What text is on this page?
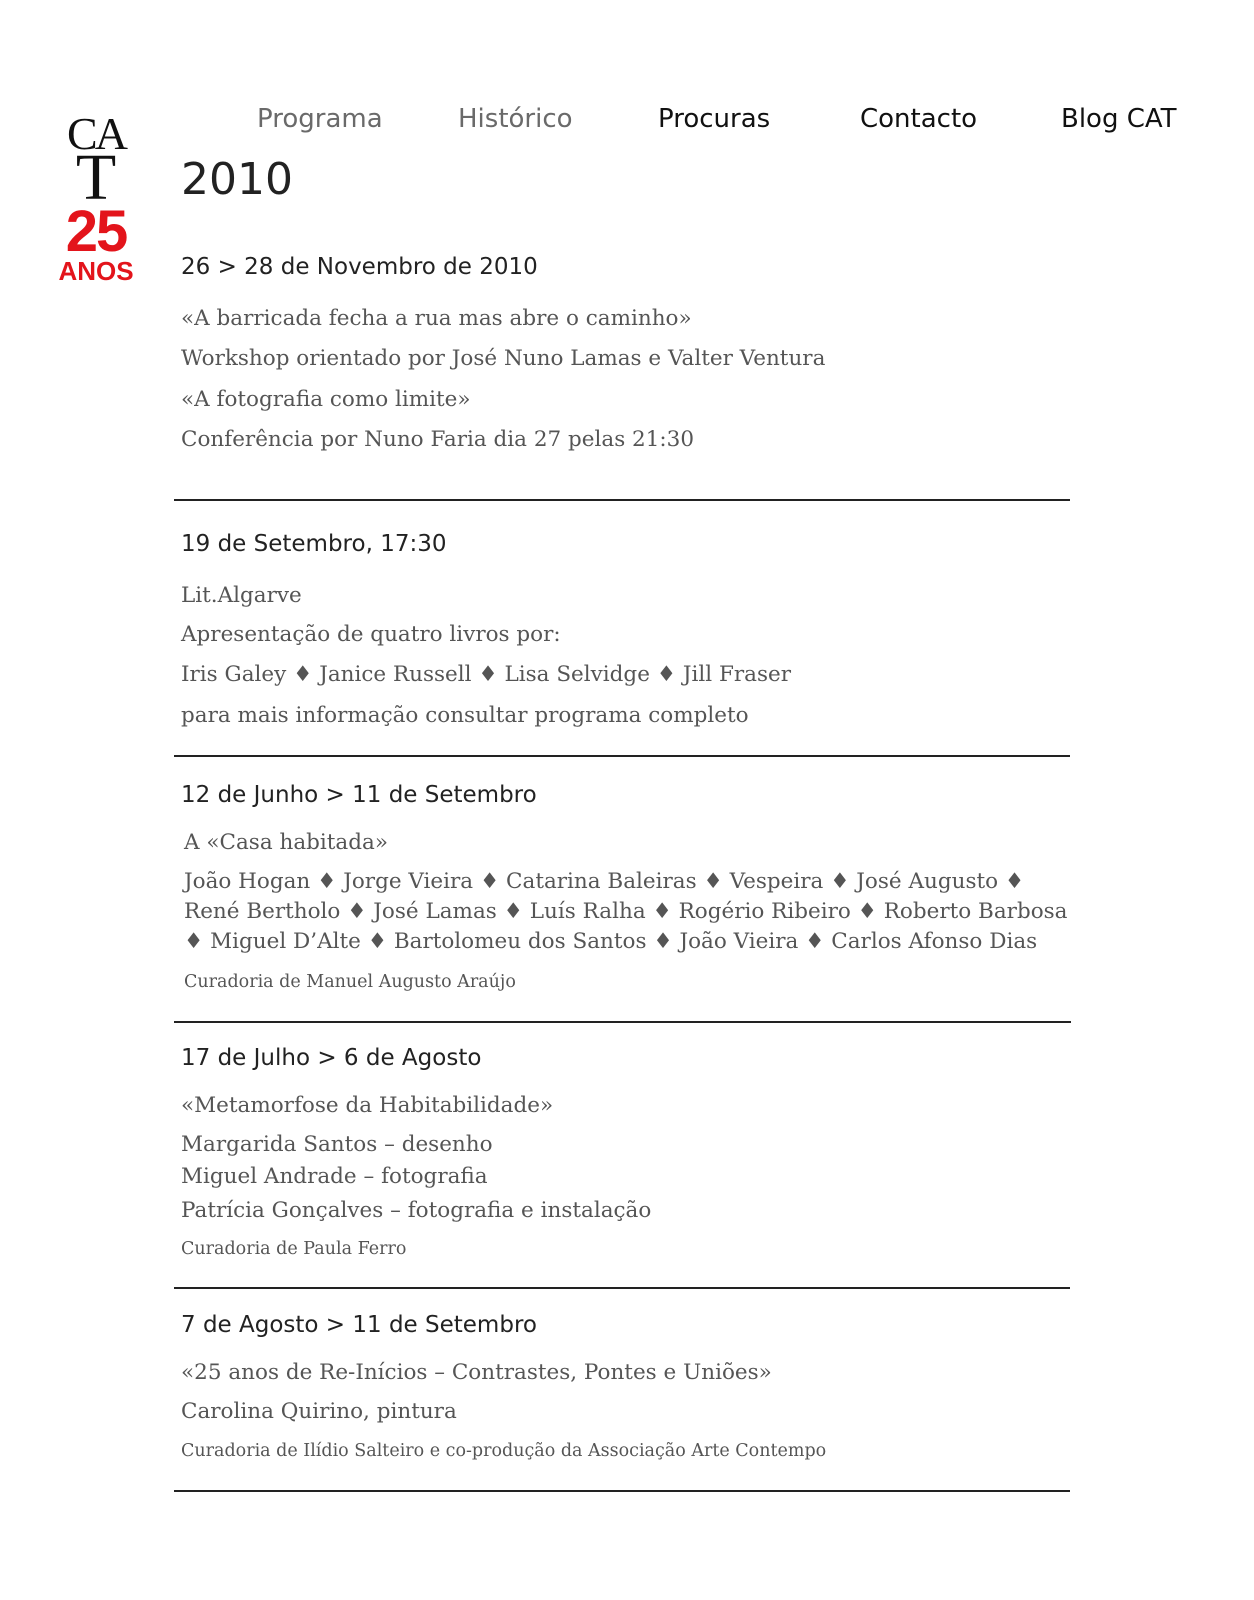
CA
T
25
ANOS
Programa	Histórico	Procuras	Contacto	Blog CAT
2010
26 > 28 de Novembro de 2010
«A barricada fecha a rua mas abre o caminho»
Workshop orientado por José Nuno Lamas e Valter Ventura
«A fotografia como limite»
Conferência por Nuno Faria dia 27 pelas 21:30
19 de Setembro, 17:30
Lit.Algarve
Apresentação de quatro livros por:
Iris Galey ♦ Janice Russell ♦ Lisa Selvidge ♦ Jill Fraser
para mais informação consultar programa completo
12 de Junho > 11 de Setembro
A «Casa habitada»
João Hogan ♦ Jorge Vieira ♦ Catarina Baleiras ♦ Vespeira ♦ José Augusto ♦
René Bertholo ♦ José Lamas ♦ Luís Ralha ♦ Rogério Ribeiro ♦ Roberto Barbosa
♦ Miguel D’Alte ♦ Bartolomeu dos Santos ♦ João Vieira ♦ Carlos Afonso Dias
Curadoria de Manuel Augusto Araújo
17 de Julho > 6 de Agosto
«Metamorfose da Habitabilidade»
Margarida Santos – desenho
Miguel Andrade – fotografia
Patrícia Gonçalves – fotografia e instalação
Curadoria de Paula Ferro
7 de Agosto > 11 de Setembro
«25 anos de Re-Inícios – Contrastes, Pontes e Uniões»
Carolina Quirino, pintura
Curadoria de Ilídio Salteiro e co-produção da Associação Arte Contempo
